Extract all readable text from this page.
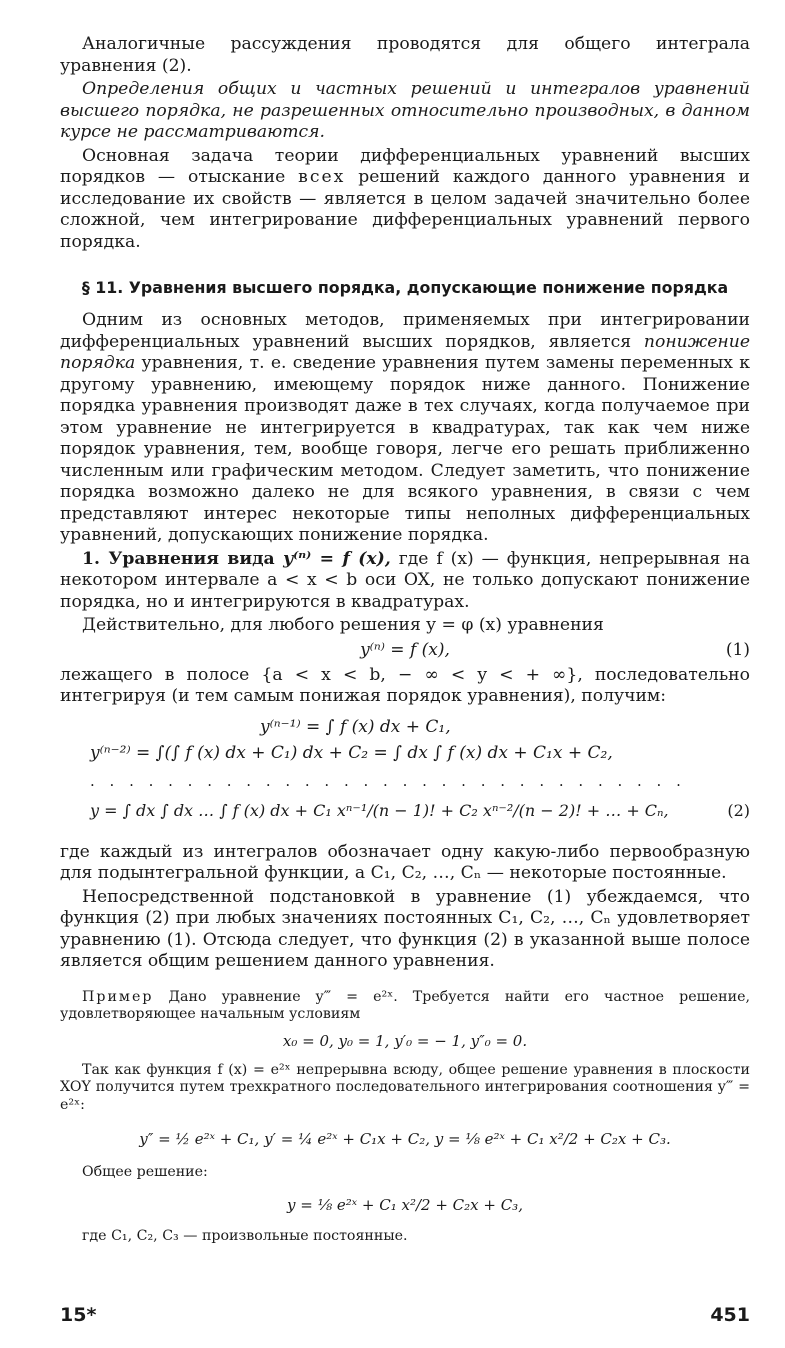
Аналогичные рассуждения проводятся для общего интеграла уравнения (2).

Определения общих и частных решений и интегралов уравнений высшего порядка, не разрешенных относительно производных, в данном курсе не рассматриваются.

Основная задача теории дифференциальных уравнений высших порядков — отыскание всех решений каждого данного уравнения и исследование их свойств — является в целом задачей значительно более сложной, чем интегрирование дифференциальных уравнений первого порядка.

§ 11. Уравнения высшего порядка, допускающие понижение порядка

Одним из основных методов, применяемых при интегрировании дифференциальных уравнений высших порядков, является понижение порядка уравнения, т. е. сведение уравнения путем замены переменных к другому уравнению, имеющему порядок ниже данного. Понижение порядка уравнения производят даже в тех случаях, когда получаемое при этом уравнение не интегрируется в квадратурах, так как чем ниже порядок уравнения, тем, вообще говоря, легче его решать приближенно численным или графическим методом. Следует заметить, что понижение порядка возможно далеко не для всякого уравнения, в связи с чем представляют интерес некоторые типы неполных дифференциальных уравнений, допускающих понижение порядка.

1. Уравнения вида y⁽ⁿ⁾ = f (x), где f (x) — функция, непрерывная на некотором интервале a < x < b оси OX, не только допускают понижение порядка, но и интегрируются в квадратурах.

Действительно, для любого решения y = φ (x) уравнения

y⁽ⁿ⁾ = f (x),	(1)

лежащего в полосе {a < x < b, − ∞ < y < + ∞}, последовательно интегрируя (и тем самым понижая порядок уравнения), получим:

y⁽ⁿ⁻¹⁾ = ∫ f (x) dx + C₁,
y⁽ⁿ⁻²⁾ = ∫(∫ f (x) dx + C₁) dx + C₂ = ∫ dx ∫ f (x) dx + C₁x + C₂,
. . . . . . . . . . . . . . . . . . . . . . . . . . . . . . .
y = ∫ dx ∫ dx … ∫ f (x) dx + C₁ xⁿ⁻¹/(n − 1)! + C₂ xⁿ⁻²/(n − 2)! + … + Cₙ,	(2)

где каждый из интегралов обозначает одну какую-либо первообразную для подынтегральной функции, а C₁, C₂, …, Cₙ — некоторые постоянные.

Непосредственной подстановкой в уравнение (1) убеждаемся, что функция (2) при любых значениях постоянных C₁, C₂, …, Cₙ удовлетворяет уравнению (1). Отсюда следует, что функция (2) в указанной выше полосе является общим решением данного уравнения.

Пример Дано уравнение y‴ = e²ˣ. Требуется найти его частное решение, удовлетворяющее начальным условиям

x₀ = 0, y₀ = 1, y′₀ = − 1, y″₀ = 0.

Так как функция f (x) = e²ˣ непрерывна всюду, общее решение уравнения в плоскости XOY получится путем трехкратного последовательного интегрирования соотношения y‴ = e²ˣ:

y″ = ½ e²ˣ + C₁, y′ = ¼ e²ˣ + C₁x + C₂, y = ⅛ e²ˣ + C₁ x²/2 + C₂x + C₃.

Общее решение:

y = ⅛ e²ˣ + C₁ x²/2 + C₂x + C₃,

где C₁, C₂, C₃ — произвольные постоянные.

15*	451
